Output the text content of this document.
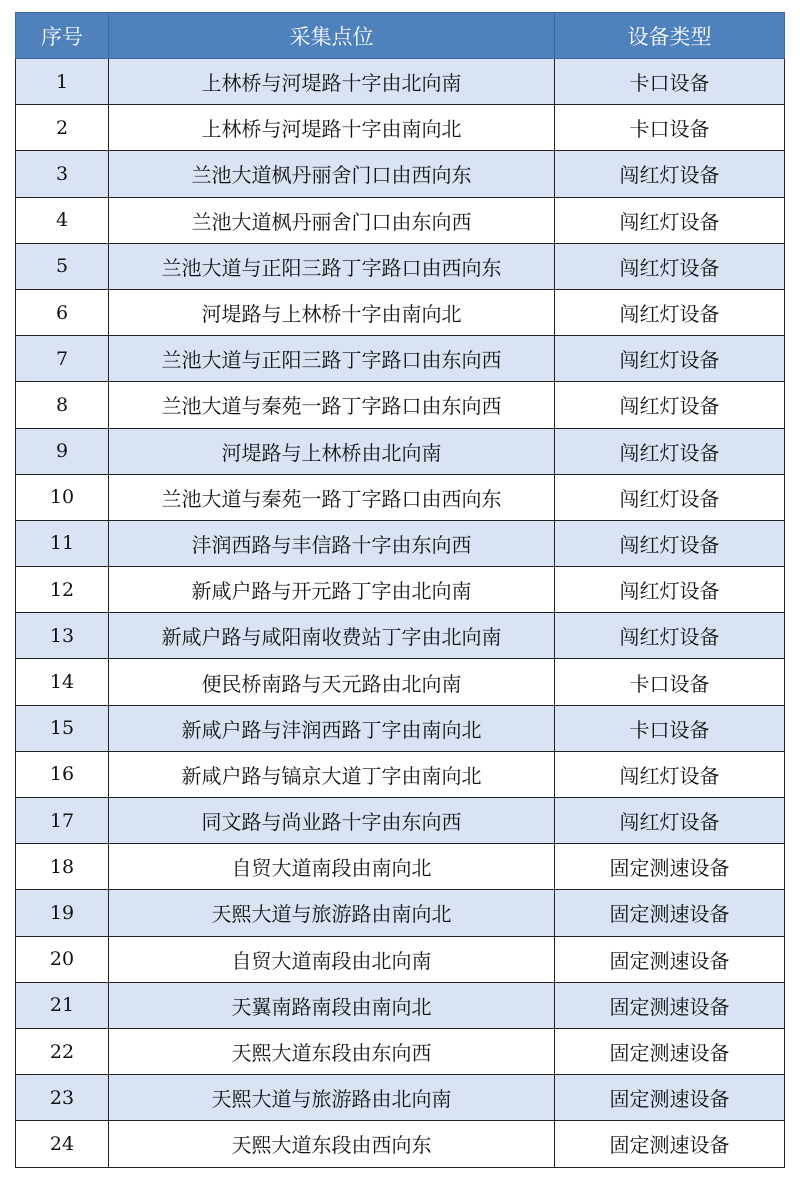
序号	采集点位	设备类型
1	上林桥与河堤路十字由北向南	卡口设备
2	上林桥与河堤路十字由南向北	卡口设备
3	兰池大道枫丹丽舍门口由西向东	闯红灯设备
4	兰池大道枫丹丽舍门口由东向西	闯红灯设备
5	兰池大道与正阳三路丁字路口由西向东	闯红灯设备
6	河堤路与上林桥十字由南向北	闯红灯设备
7	兰池大道与正阳三路丁字路口由东向西	闯红灯设备
8	兰池大道与秦苑一路丁字路口由东向西	闯红灯设备
9	河堤路与上林桥由北向南	闯红灯设备
10	兰池大道与秦苑一路丁字路口由西向东	闯红灯设备
11	沣润西路与丰信路十字由东向西	闯红灯设备
12	新咸户路与开元路丁字由北向南	闯红灯设备
13	新咸户路与咸阳南收费站丁字由北向南	闯红灯设备
14	便民桥南路与天元路由北向南	卡口设备
15	新咸户路与沣润西路丁字由南向北	卡口设备
16	新咸户路与镐京大道丁字由南向北	闯红灯设备
17	同文路与尚业路十字由东向西	闯红灯设备
18	自贸大道南段由南向北	固定测速设备
19	天熙大道与旅游路由南向北	固定测速设备
20	自贸大道南段由北向南	固定测速设备
21	天翼南路南段由南向北	固定测速设备
22	天熙大道东段由东向西	固定测速设备
23	天熙大道与旅游路由北向南	固定测速设备
24	天熙大道东段由西向东	固定测速设备
